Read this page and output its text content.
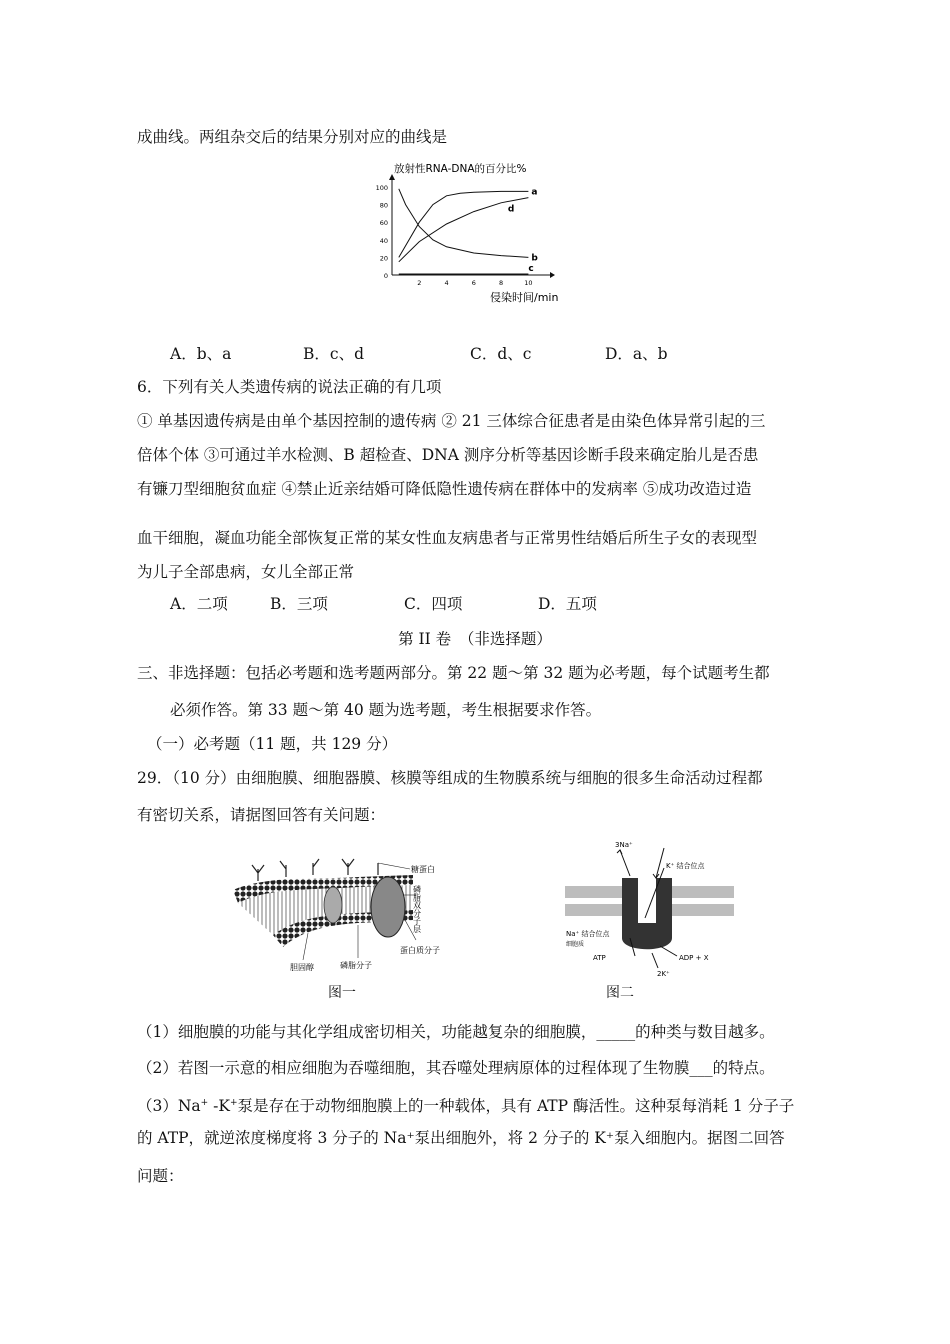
成曲线。两组杂交后的结果分别对应的曲线是
放射性RNA-DNA的百分比%
0
20
40
60
80
100
2	4	6	8	10
侵染时间/min
a
b
c
d
A．b、a	B．c、d	C．d、c	D．a、b
6．下列有关人类遗传病的说法正确的有几项
① 单基因遗传病是由单个基因控制的遗传病 ② 21 三体综合征患者是由染色体异常引起的三
倍体个体 ③可通过羊水检测、B 超检查、DNA 测序分析等基因诊断手段来确定胎儿是否患
有镰刀型细胞贫血症 ④禁止近亲结婚可降低隐性遗传病在群体中的发病率 ⑤成功改造过造
血干细胞，凝血功能全部恢复正常的某女性血友病患者与正常男性结婚后所生子女的表现型
为儿子全部患病，女儿全部正常
A．二项	B．三项	C．四项	D．五项
第 II 卷　（非选择题）
三、非选择题：包括必考题和选考题两部分。第 22 题～第 32 题为必考题，每个试题考生都
必须作答。第 33 题～第 40 题为选考题，考生根据要求作答。
（一）必考题（11 题，共 129 分）
29．（10 分）由细胞膜、细胞器膜、核膜等组成的生物膜系统与细胞的很多生命活动过程都
有密切关系，请据图回答有关问题：
糖蛋白
磷脂双分子层
蛋白质分子
磷脂分子
胆固醇
图一
3Na⁺
K⁺ 结合位点
Na⁺ 结合位点
细胞质
ATP	ADP + X
2K⁺
图二
（1）细胞膜的功能与其化学组成密切相关，功能越复杂的细胞膜，_____的种类与数目越多。
（2）若图一示意的相应细胞为吞噬细胞，其吞噬处理病原体的过程体现了生物膜___的特点。
（3）Na+ -K+泵是存在于动物细胞膜上的一种载体，具有 ATP 酶活性。这种泵每消耗 1 分子子
的 ATP，就逆浓度梯度将 3 分子的 Na⁺泵出细胞外，将 2 分子的 K⁺泵入细胞内。据图二回答
问题：
